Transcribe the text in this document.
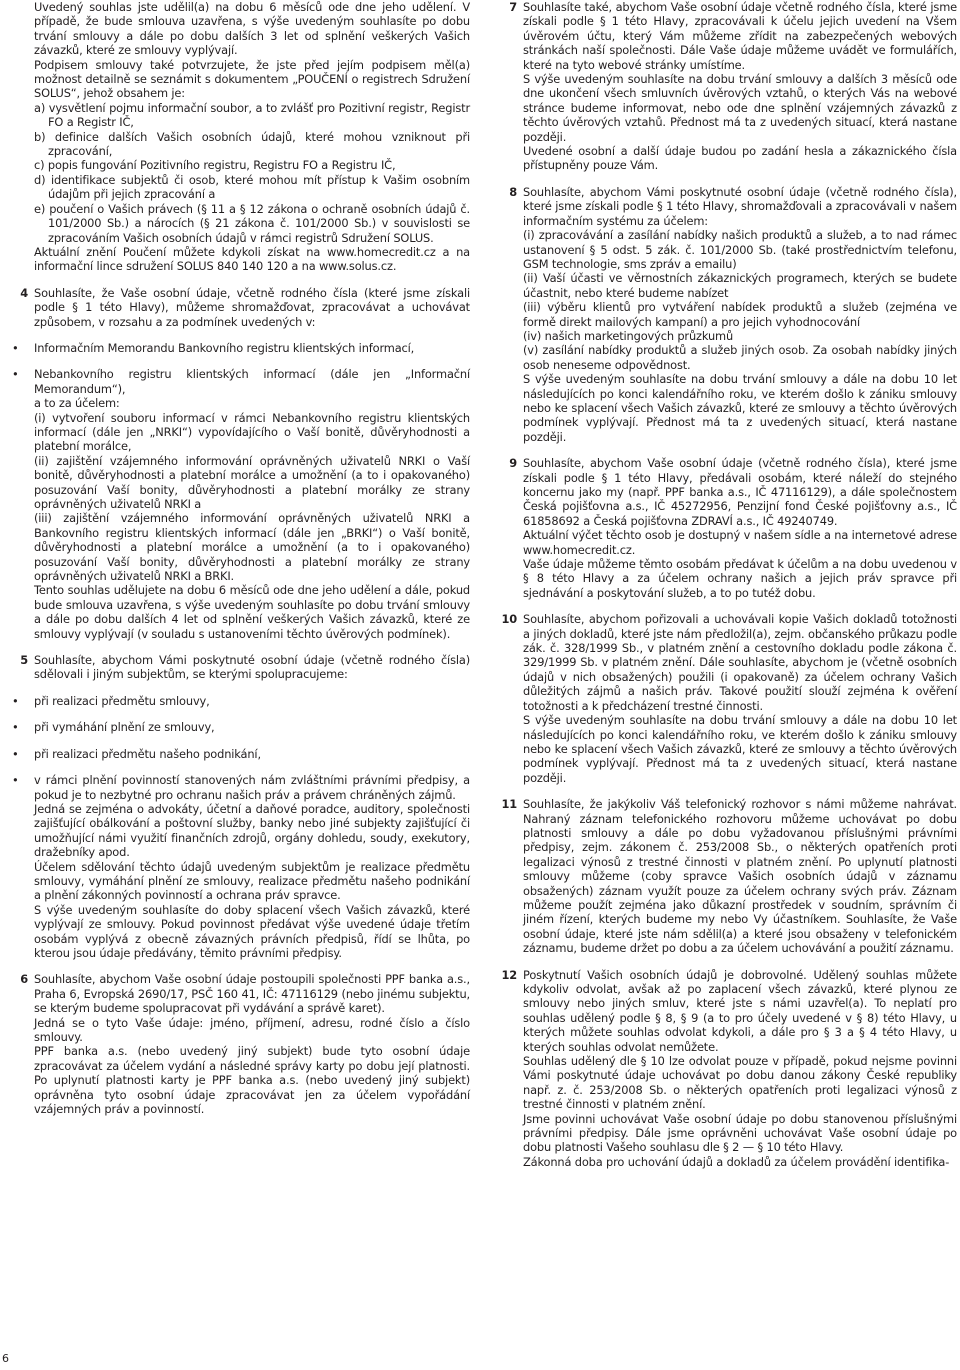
Uvedený souhlas jste udělil(a) na dobu 6 měsíců ode dne jeho udělení. V případě, že bude smlouva uzavřena, s výše uvedeným souhlasíte po dobu trvání smlouvy a dále po dobu dalších 3 let od splnění veškerých Vašich závazků, které ze smlouvy vyplývají.

Podpisem smlouvy také potvrzujete, že jste před jejím podpisem měl(a) možnost detailně se seznámit s dokumentem „POUČENÍ o registrech Sdružení SOLUS“, jehož obsahem je:

a) vysvětlení pojmu informační soubor, a to zvlášť pro Pozitivní registr, Registr FO a Registr IČ,

b) definice dalších Vašich osobních údajů, které mohou vzniknout při zpracování,

c) popis fungování Pozitivního registru, Registru FO a Registru IČ,

d) identifikace subjektů či osob, které mohou mít přístup k Vašim osobním údajům při jejich zpracování a

e) poučení o Vašich právech (§ 11 a § 12 zákona o ochraně osobních údajů č. 101/2000 Sb.) a nárocích (§ 21 zákona č. 101/2000 Sb.) v souvislosti se zpracováním Vašich osobních údajů v rámci registrů Sdružení SOLUS.

Aktuální znění Poučení můžete kdykoli získat na www.homecredit.cz a na informační lince sdružení SOLUS 840 140 120 a na www.solus.cz.

4 Souhlasíte, že Vaše osobní údaje, včetně rodného čísla (které jsme získali podle § 1 této Hlavy), můžeme shromažďovat, zpracovávat a uchovávat způsobem, v rozsahu a za podmínek uvedených v:

• Informačním Memorandu Bankovního registru klientských informací,

• Nebankovního registru klientských informací (dále jen „Informační Memorandum“),

a to za účelem:

(i) vytvoření souboru informací v rámci Nebankovního registru klientských informací (dále jen „NRKI“) vypovídajícího o Vaší bonitě, důvěryhodnosti a platební morálce,

(ii) zajištění vzájemného informování oprávněných uživatelů NRKI o Vaší bonitě, důvěryhodnosti a platební morálce a umožnění (a to i opakovaného) posuzování Vaší bonity, důvěryhodnosti a platební morálky ze strany oprávněných uživatelů NRKI a

(iii) zajištění vzájemného informování oprávněných uživatelů NRKI a Bankovního registru klientských informací (dále jen „BRKI“) o Vaší bonitě, důvěryhodnosti a platební morálce a umožnění (a to i opakovaného) posuzování Vaší bonity, důvěryhodnosti a platební morálky ze strany oprávněných uživatelů NRKI a BRKI.

Tento souhlas udělujete na dobu 6 měsíců ode dne jeho udělení a dále, pokud bude smlouva uzavřena, s výše uvedeným souhlasíte po dobu trvání smlouvy a dále po dobu dalších 4 let od splnění veškerých Vašich závazků, které ze smlouvy vyplývají (v souladu s ustanoveními těchto úvěrových podmínek).

5 Souhlasíte, abychom Vámi poskytnuté osobní údaje (včetně rodného čísla) sdělovali i jiným subjektům, se kterými spolupracujeme:

• při realizaci předmětu smlouvy,

• při vymáhání plnění ze smlouvy,

• při realizaci předmětu našeho podnikání,

• v rámci plnění povinností stanovených nám zvláštními právními předpisy, a pokud je to nezbytné pro ochranu našich práv a právem chráněných zájmů.

Jedná se zejména o advokáty, účetní a daňové poradce, auditory, společnosti zajišťující obálkování a poštovní služby, banky nebo jiné subjekty zajišťující či umožňující námi využití finančních zdrojů, orgány dohledu, soudy, exekutory, dražebníky apod.

Účelem sdělování těchto údajů uvedeným subjektům je realizace předmětu smlouvy, vymáhání plnění ze smlouvy, realizace předmětu našeho podnikání a plnění zákonných povinností a ochrana práv spravce.

S výše uvedeným souhlasíte do doby splacení všech Vašich závazků, které vyplývají ze smlouvy. Pokud povinnost předávat výše uvedené údaje třetím osobám vyplývá z obecně závazných právních předpisů, řídí se lhůta, po kterou jsou údaje předávány, těmito právními předpisy.

6 Souhlasíte, abychom Vaše osobní údaje postoupili společnosti PPF banka a.s., Praha 6, Evropská 2690/17, PSČ 160 41, IČ: 47116129 (nebo jinému subjektu, se kterým budeme spolupracovat při vydávání a správě karet).

Jedná se o tyto Vaše údaje: jméno, příjmení, adresu, rodné číslo a číslo smlouvy.

PPF banka a.s. (nebo uvedený jiný subjekt) bude tyto osobní údaje zpracovávat za účelem vydání a následné správy karty po dobu její platnosti. Po uplynutí platnosti karty je PPF banka a.s. (nebo uvedený jiný subjekt) oprávněna tyto osobní údaje zpracovávat jen za účelem vypořádání vzájemných práv a povinností.

7 Souhlasíte také, abychom Vaše osobní údaje včetně rodného čísla, které jsme získali podle § 1 této Hlavy, zpracovávali k účelu jejich uvedení na Všem úvěrovém účtu, který Vám můžeme zřídit na zabezpečených webových stránkách naší společnosti. Dále Vaše údaje můžeme uvádět ve formulářích, které na tyto webové stránky umístíme.

S výše uvedeným souhlasíte na dobu trvání smlouvy a dalších 3 měsíců ode dne ukončení všech smluvních úvěrových vztahů, o kterých Vás na webové stránce budeme informovat, nebo ode dne splnění vzájemných závazků z těchto úvěrových vztahů. Přednost má ta z uvedených situací, která nastane později.

Uvedené osobní a další údaje budou po zadání hesla a zákaznického čísla přístupněny pouze Vám.

8 Souhlasíte, abychom Vámi poskytnuté osobní údaje (včetně rodného čísla), které jsme získali podle § 1 této Hlavy, shromažďovali a zpracovávali v našem informačním systému za účelem:

(i) zpracovávání a zasílání nabídky našich produktů a služeb, a to nad rámec ustanovení § 5 odst. 5 zák. č. 101/2000 Sb. (také prostřednictvím telefonu, GSM technologie, sms zpráv a emailu)

(ii) Vaší účasti ve věrnostních zákaznických programech, kterých se budete účastnit, nebo které budeme nabízet

(iii) výběru klientů pro vytváření nabídek produktů a služeb (zejména ve formě direkt mailových kampaní) a pro jejich vyhodnocování

(iv) našich marketingových průzkumů

(v) zasílání nabídky produktů a služeb jiných osob. Za osobah nabídky jiných osob neneseme odpovědnost.

S výše uvedeným souhlasíte na dobu trvání smlouvy a dále na dobu 10 let následujících po konci kalendářního roku, ve kterém došlo k zániku smlouvy nebo ke splacení všech Vašich závazků, které ze smlouvy a těchto úvěrových podmínek vyplývají. Přednost má ta z uvedených situací, která nastane později.

9 Souhlasíte, abychom Vaše osobní údaje (včetně rodného čísla), které jsme získali podle § 1 této Hlavy, předávali osobám, které náleží do stejného koncernu jako my (např. PPF banka a.s., IČ 47116129), a dále společnostem Česká pojišťovna a.s., IČ 45272956, Penzijní fond České pojišťovny a.s., IČ 61858692 a Česká pojišťovna ZDRAVÍ a.s., IČ 49240749.

Aktuální výčet těchto osob je dostupný v našem sídle a na internetové adrese www.homecredit.cz.

Vaše údaje můžeme těmto osobám předávat k účelům a na dobu uvedenou v § 8 této Hlavy a za účelem ochrany našich a jejich práv spravce při sjednávání a poskytování služeb, a to po tutéž dobu.

10 Souhlasíte, abychom pořizovali a uchovávali kopie Vašich dokladů totožnosti a jiných dokladů, které jste nám předložil(a), zejm. občanského průkazu podle zák. č. 328/1999 Sb., v platném znění a cestovního dokladu podle zákona č. 329/1999 Sb. v platném znění. Dále souhlasíte, abychom je (včetně osobních údajů v nich obsažených) použili (i opakovaně) za účelem ochrany Vašich důležitých zájmů a našich práv. Takové použití slouží zejména k ověření totožnosti a k předcházení trestné činnosti.

S výše uvedeným souhlasíte na dobu trvání smlouvy a dále na dobu 10 let následujících po konci kalendářního roku, ve kterém došlo k zániku smlouvy nebo ke splacení všech Vašich závazků, které ze smlouvy a těchto úvěrových podmínek vyplývají. Přednost má ta z uvedených situací, která nastane později.

11 Souhlasíte, že jakýkoliv Váš telefonický rozhovor s námi můžeme nahrávat. Nahraný záznam telefonického rozhovoru můžeme uchovávat po dobu platnosti smlouvy a dále po dobu vyžadovanou příslušnými právními předpisy, zejm. zákonem č. 253/2008 Sb., o některých opatřeních proti legalizaci výnosů z trestné činnosti v platném znění. Po uplynutí platnosti smlouvy můžeme (coby spravce Vašich osobních údajů v záznamu obsažených) záznam využít pouze za účelem ochrany svých práv. Záznam můžeme použít zejména jako důkazní prostředek v soudním, správním či jiném řízení, kterých budeme my nebo Vy účastníkem. Souhlasíte, že Vaše osobní údaje, které jste nám sdělil(a) a které jsou obsaženy v telefonickém záznamu, budeme držet po dobu a za účelem uchovávání a použití záznamu.

12 Poskytnutí Vašich osobních údajů je dobrovolné. Udělený souhlas můžete kdykoliv odvolat, avšak až po zaplacení všech závazků, které plynou ze smlouvy nebo jiných smluv, které jste s námi uzavřel(a). To neplatí pro souhlas udělený podle § 8, § 9 (a to pro účely uvedené v § 8) této Hlavy, u kterých můžete souhlas odvolat kdykoli, a dále pro § 3 a § 4 této Hlavy, u kterých souhlas odvolat nemůžete.

Souhlas udělený dle § 10 lze odvolat pouze v případě, pokud nejsme povinni Vámi poskytnuté údaje uchovávat po dobu danou zákony České republiky např. z. č. 253/2008 Sb. o některých opatřeních proti legalizaci výnosů z trestné činnosti v platném znění.

Jsme povinni uchovávat Vaše osobní údaje po dobu stanovenou příslušnými právními předpisy. Dále jsme oprávněni uchovávat Vaše osobní údaje po dobu platnosti Vašeho souhlasu dle § 2 — § 10 této Hlavy.

Zákonná doba pro uchování údajů a dokladů za účelem provádění identifika-

6
